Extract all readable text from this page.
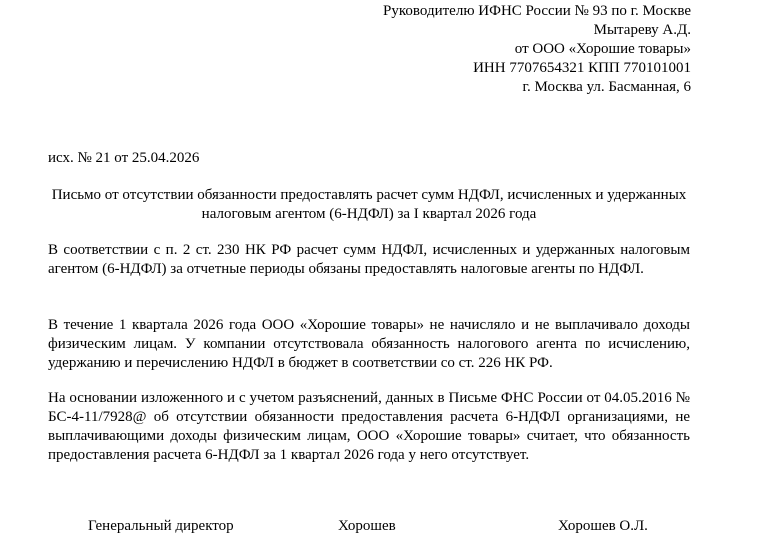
Руководителю ИФНС России № 93 по г. Москве
Мытареву А.Д.
от ООО «Хорошие товары»
ИНН 7707654321 КПП 770101001
г. Москва ул. Басманная, 6
исх. № 21 от 25.04.2026
Письмо от отсутствии обязанности предоставлять расчет сумм НДФЛ, исчисленных и удержанных налоговым агентом (6-НДФЛ) за I квартал 2026 года
В соответствии с п. 2 ст. 230 НК РФ расчет сумм НДФЛ, исчисленных и удержанных налоговым агентом (6-НДФЛ) за отчетные периоды обязаны предоставлять налоговые агенты по НДФЛ.
В течение 1 квартала 2026 года ООО «Хорошие товары» не начисляло и не выплачивало доходы физическим лицам. У компании отсутствовала обязанность налогового агента по исчислению, удержанию и перечислению НДФЛ в бюджет в соответствии со ст. 226 НК РФ.
На основании изложенного и с учетом разъяснений, данных в Письме ФНС России от 04.05.2016 № БС-4-11/7928@ об отсутствии обязанности предоставления расчета 6-НДФЛ организациями, не выплачивающими доходы физическим лицам, ООО «Хорошие товары» считает, что обязанность предоставления расчета 6-НДФЛ за 1 квартал 2026 года у него отсутствует.
Генеральный директор	Хорошев	Хорошев О.Л.
